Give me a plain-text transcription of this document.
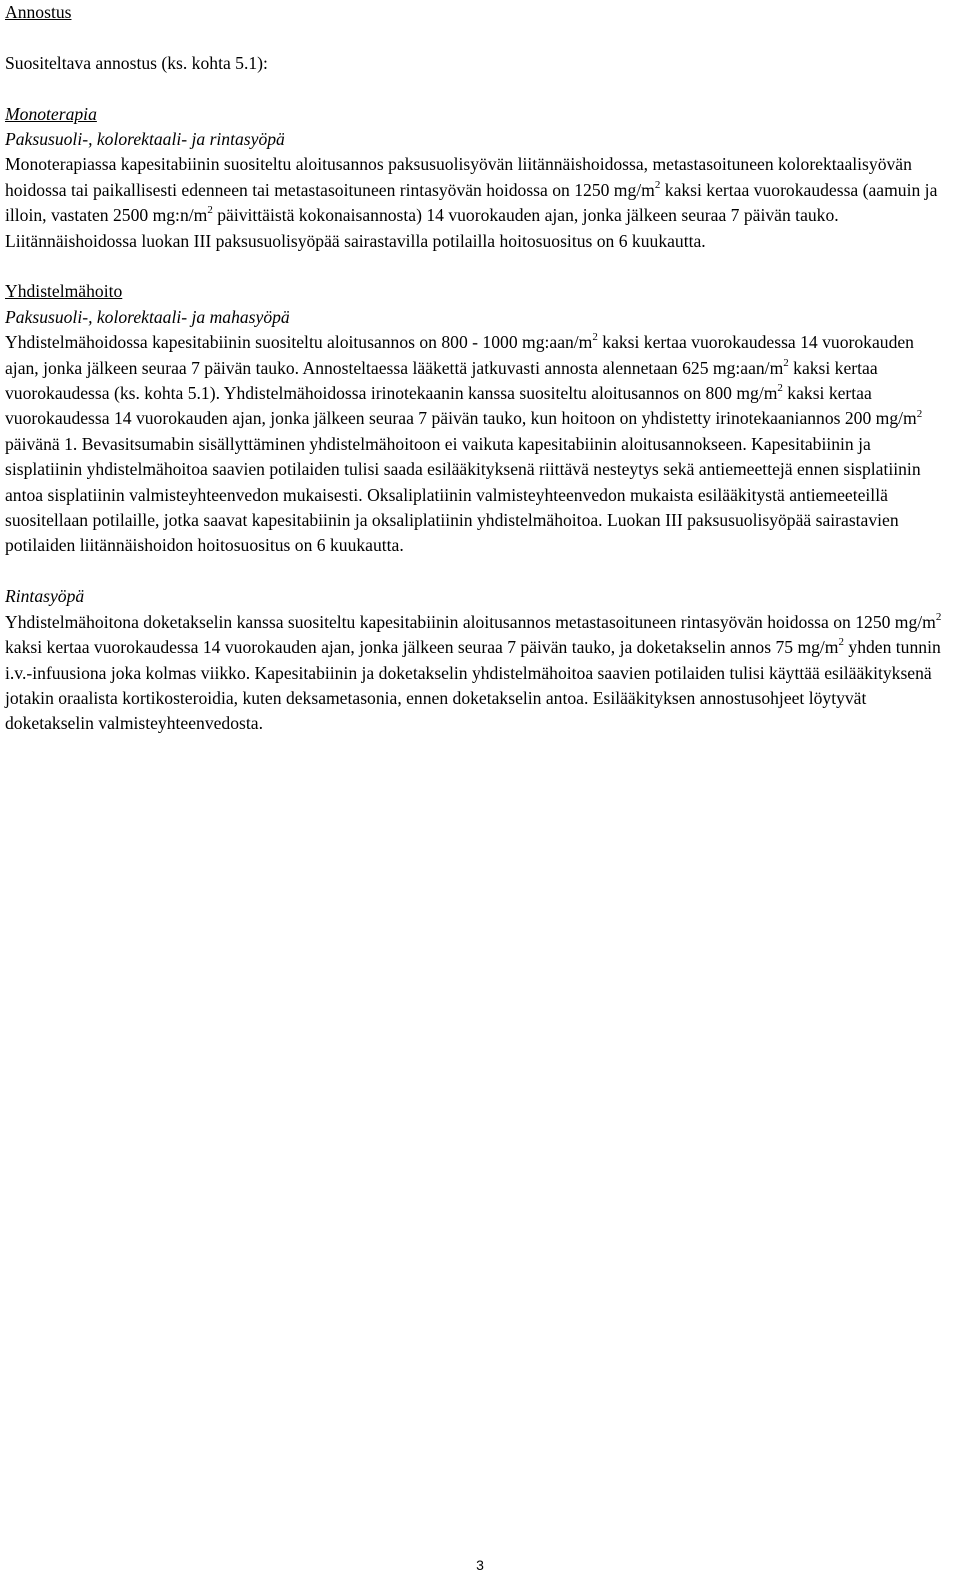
Annostus

Suositeltava annostus (ks. kohta 5.1):

Monoterapia

Paksusuoli-, kolorektaali- ja rintasyöpä

Monoterapiassa kapesitabiinin suositeltu aloitusannos paksusuolisyövän liitännäishoidossa, metastasoituneen kolorektaalisyövän hoidossa tai paikallisesti edenneen tai metastasoituneen rintasyövän hoidossa on 1250 $mg/m^2$ kaksi kertaa vuorokaudessa (aamuin ja illoin, vastaten 2500 $mg:n/m^2$ päivittäistä kokonaisannosta) 14 vuorokauden ajan, jonka jälkeen seuraa 7 päivän tauko. Liitännäishoidossa luokan III paksusuolisyöpää sairastavilla potilailla hoitosuositus on 6 kuukautta.

Yhdistelmähoito

Paksusuoli-, kolorektaali- ja mahasyöpä

Yhdistelmähoidossa kapesitabiinin suositeltu aloitusannos on 800 - 1000 $mg:aan/m^2$ kaksi kertaa vuorokaudessa 14 vuorokauden ajan, jonka jälkeen seuraa 7 päivän tauko. Annosteltaessa lääkettä jatkuvasti annosta alennetaan 625 $mg:aan/m^2$ kaksi kertaa vuorokaudessa (ks. kohta 5.1). Yhdistelmähoidossa irinotekaanin kanssa suositeltu aloitusannos on 800 $mg/m^2$ kaksi kertaa vuorokaudessa 14 vuorokauden ajan, jonka jälkeen seuraa 7 päivän tauko, kun hoitoon on yhdistetty irinotekaaniannos 200 $mg/m^2$ päivänä 1. Bevasitsumabin sisällyttäminen yhdistelmähoitoon ei vaikuta kapesitabiinin aloitusannokseen. Kapesitabiinin ja sisplatiinin yhdistelmähoitoa saavien potilaiden tulisi saada esilääkityksenä riittävä nesteytys sekä antiemeettejä ennen sisplatiinin antoa sisplatiinin valmisteyhteenvedon mukaisesti. Oksaliplatiinin valmisteyhteenvedon mukaista esilääkitystä antiemeeteillä suositellaan potilaille, jotka saavat kapesitabiinin ja oksaliplatiinin yhdistelmähoitoa. Luokan III paksusuolisyöpää sairastavien potilaiden liitännäishoidon hoitosuositus on 6 kuukautta.

Rintasyöpä

Yhdistelmähoitona doketakselin kanssa suositeltu kapesitabiinin aloitusannos metastasoituneen rintasyövän hoidossa on 1250 $mg/m^2$ kaksi kertaa vuorokaudessa 14 vuorokauden ajan, jonka jälkeen seuraa 7 päivän tauko, ja doketakselin annos 75 $mg/m^2$ yhden tunnin i.v.-infuusiona joka kolmas viikko. Kapesitabiinin ja doketakselin yhdistelmähoitoa saavien potilaiden tulisi käyttää esilääkityksenä jotakin oraalista kortikosteroidia, kuten deksametasonia, ennen doketakselin antoa. Esilääkityksen annostusohjeet löytyvät doketakselin valmisteyhteenvedosta.

3
